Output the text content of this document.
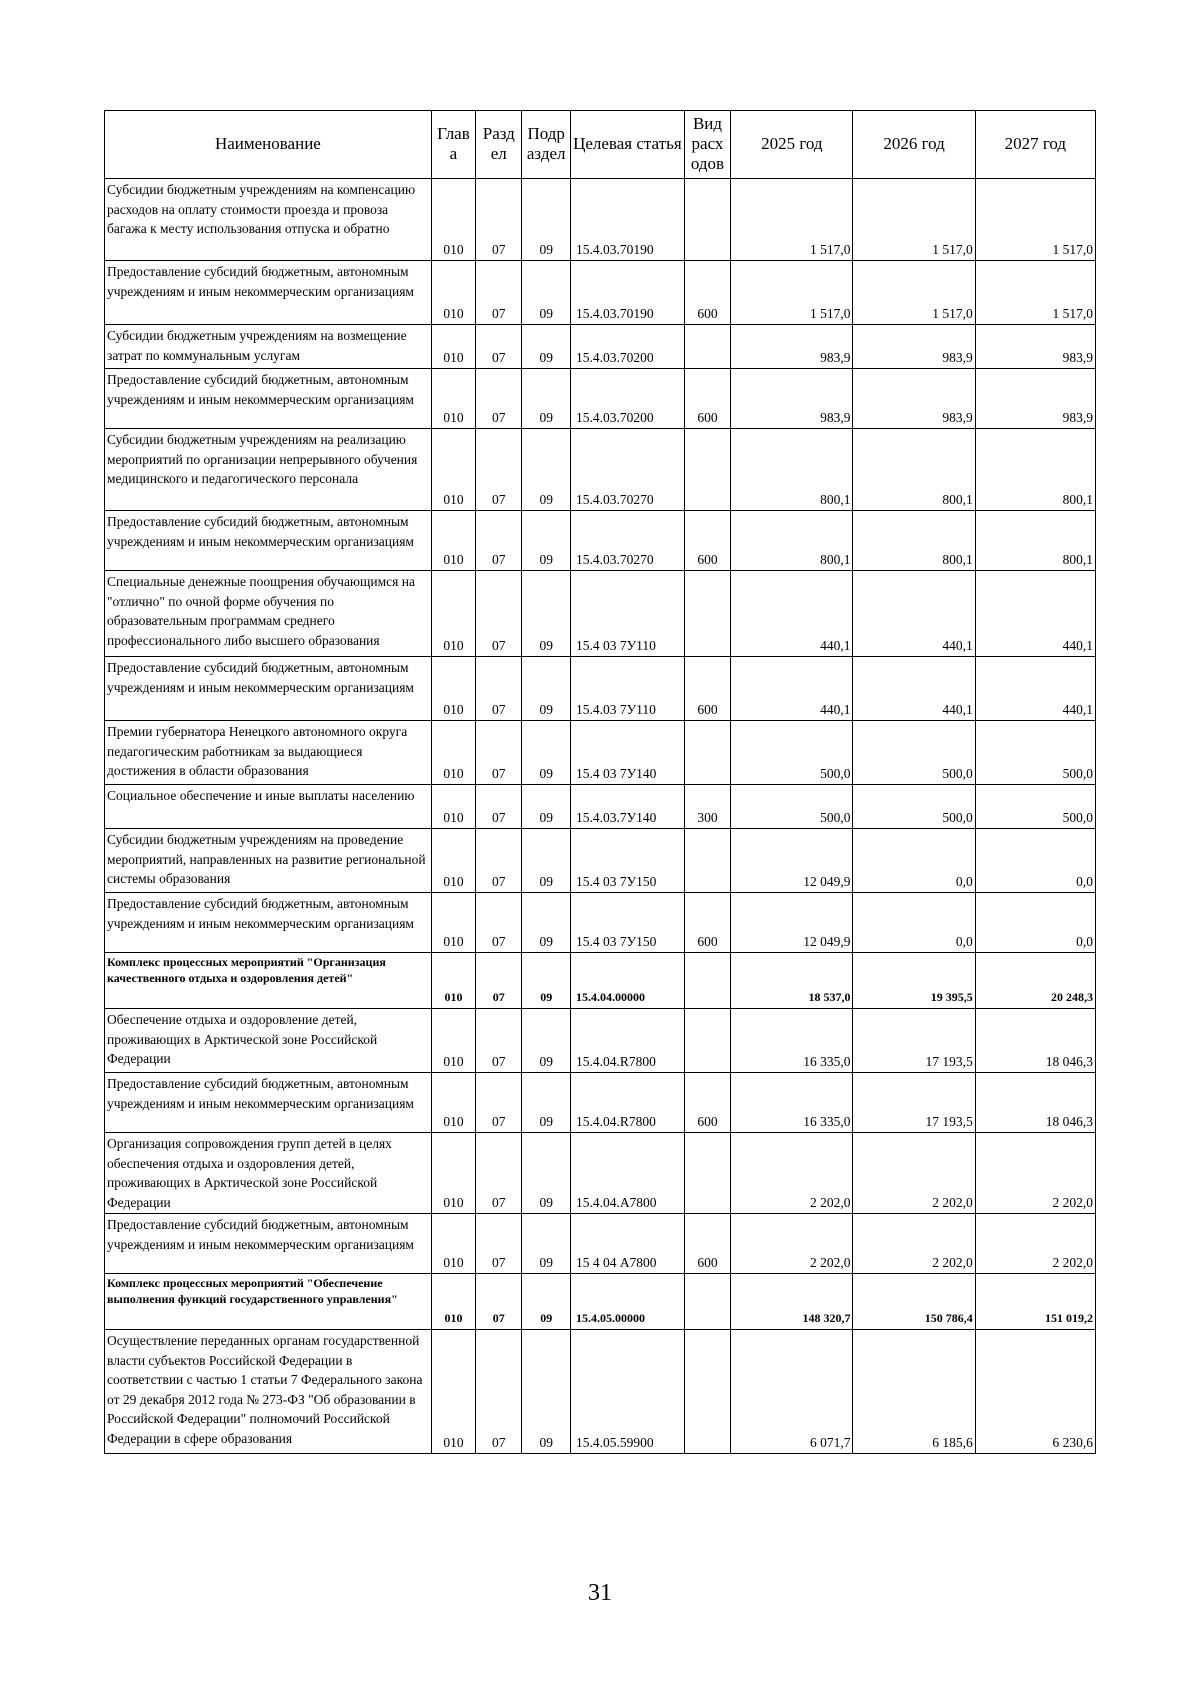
Наименование	Глав а	Разд ел	Подр аздел	Целевая статья	Вид расх одов	2025 год	2026 год	2027 год
Субсидии бюджетным учреждениям на компенсацию расходов на оплату стоимости проезда и провоза багажа к месту использования отпуска и обратно	010	07	09	15.4.03.70190		1 517,0	1 517,0	1 517,0
Предоставление субсидий бюджетным, автономным учреждениям и иным некоммерческим организациям	010	07	09	15.4.03.70190	600	1 517,0	1 517,0	1 517,0
Субсидии бюджетным учреждениям на возмещение затрат по коммунальным услугам	010	07	09	15.4.03.70200		983,9	983,9	983,9
Предоставление субсидий бюджетным, автономным учреждениям и иным некоммерческим организациям	010	07	09	15.4.03.70200	600	983,9	983,9	983,9
Субсидии бюджетным учреждениям на реализацию мероприятий по организации непрерывного обучения медицинского и педагогического персонала	010	07	09	15.4.03.70270		800,1	800,1	800,1
Предоставление субсидий бюджетным, автономным учреждениям и иным некоммерческим организациям	010	07	09	15.4.03.70270	600	800,1	800,1	800,1
Специальные денежные поощрения обучающимся на "отлично" по очной форме обучения по образовательным программам среднего профессионального либо высшего образования	010	07	09	15.4 03 7У110		440,1	440,1	440,1
Предоставление субсидий бюджетным, автономным учреждениям и иным некоммерческим организациям	010	07	09	15.4.03 7У110	600	440,1	440,1	440,1
Премии губернатора Ненецкого автономного округа педагогическим работникам за выдающиеся достижения в области образования	010	07	09	15.4 03 7У140		500,0	500,0	500,0
Социальное обеспечение и иные выплаты населению	010	07	09	15.4.03.7У140	300	500,0	500,0	500,0
Субсидии бюджетным учреждениям на проведение мероприятий, направленных на развитие региональной системы образования	010	07	09	15.4 03 7У150		12 049,9	0,0	0,0
Предоставление субсидий бюджетным, автономным учреждениям и иным некоммерческим организациям	010	07	09	15.4 03 7У150	600	12 049,9	0,0	0,0
Комплекс процессных мероприятий "Организация качественного отдыха и оздоровления детей"	010	07	09	15.4.04.00000		18 537,0	19 395,5	20 248,3
Обеспечение отдыха и оздоровление детей, проживающих в Арктической зоне Российской Федерации	010	07	09	15.4.04.R7800		16 335,0	17 193,5	18 046,3
Предоставление субсидий бюджетным, автономным учреждениям и иным некоммерческим организациям	010	07	09	15.4.04.R7800	600	16 335,0	17 193,5	18 046,3
Организация сопровождения групп детей в целях обеспечения отдыха и оздоровления детей, проживающих в Арктической зоне Российской Федерации	010	07	09	15.4.04.А7800		2 202,0	2 202,0	2 202,0
Предоставление субсидий бюджетным, автономным учреждениям и иным некоммерческим организациям	010	07	09	15 4 04 А7800	600	2 202,0	2 202,0	2 202,0
Комплекс процессных мероприятий "Обеспечение выполнения функций государственного управления"	010	07	09	15.4.05.00000		148 320,7	150 786,4	151 019,2
Осуществление переданных органам государственной власти субъектов Российской Федерации в соответствии с частью 1 статьи 7 Федерального закона от 29 декабря 2012 года № 273-ФЗ "Об образовании в Российской Федерации" полномочий Российской Федерации в сфере образования	010	07	09	15.4.05.59900		6 071,7	6 185,6	6 230,6
31
